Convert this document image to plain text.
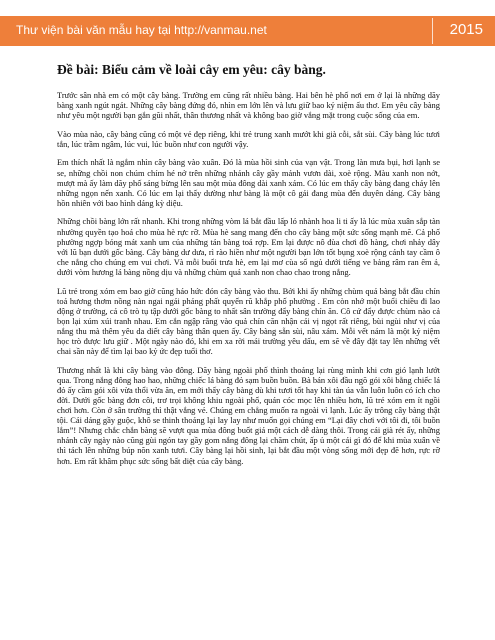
Thư viện bài văn mẫu hay tại http://vanmau.net	2015
Đề bài: Biểu cảm về loài cây em yêu: cây bàng.

Trước sân nhà em có một cây bàng. Trường em cũng rất nhiều bàng. Hai bên hè phố nơi em ở lại là những dãy bàng xanh ngút ngát. Những cây bàng đứng đó, nhìn em lớn lên và lưu giữ bao kỷ niệm ấu thơ. Em yêu cây bàng như yêu một người bạn gắn gũi nhất, thân thương nhất và không bao giờ vắng mặt trong cuộc sống của em.

Vào mùa nào, cây bàng cũng có một vẻ đẹp riêng, khi trẻ trung xanh mướt khi già cỗi, sắt sùi. Cây bàng lúc tươi tắn, lúc trầm ngâm, lúc vui, lúc buồn như con người vậy.

Em thích nhất là ngắm nhìn cây bàng vào xuân. Đó là mùa hồi sinh của vạn vật. Trong làn mưa bụi, hơi lạnh se se, những chồi non chúm chím hé nở trên những nhánh cây gầy mảnh vươn dài, xoè rộng. Màu xanh non nớt, mượt mà ấy làm dãy phố sáng bừng lên sau một mùa đông dài xanh xám. Có lúc em thấy cây bàng đang cháy lên những ngọn nến xanh. Có lúc em lại thấy dường như bàng là một cô gái đang mùa đến duyên dáng. Cây bàng hồn nhiên với bao hình dáng kỳ diệu.

Những chồi bàng lớn rất nhanh. Khi trong những vòm lá bắt đầu lấp ló nhành hoa li ti ấy là lúc mùa xuân sắp tàn nhường quyền tạo hoá cho mùa hè rực rỡ. Mùa hè sang mang đến cho cây bàng một sức sống mạnh mẽ. Cả phố phường ngợp bóng mát xanh um của những tán bàng toả rợp. Em lại được nô đùa chơi đồ hàng, chơi nhảy dây với lũ bạn dưới gốc bàng. Cây bàng dư dưa, rì rào hiền như một người bạn lớn tốt bụng xoè rộng cánh tay cầm ô che nắng cho chúng em vui chơi. Và mỗi buổi trưa hè, em lại mơ cùa số ngủ dưới tiếng ve bảng râm ran êm ả, dưới vòm hương lá bàng nồng dịu và những chùm quả xanh non chao chao trong nắng.

Lũ trẻ trong xóm em bao giờ cũng háo hức đón cây bàng vào thu. Bởi khi ấy những chùm quả bàng bắt đầu chín toả hương thơm nồng nàn ngai ngái phảng phất quyến rũ khắp phố phường . Em còn nhớ một buổi chiều đi lao động ở trường, cả cô trò tụ tập dưới gốc bàng to nhất sân trường đẩy bàng chín ăn. Cô cứ đẩy được chùm nào cả bọn lại xúm xúi tranh nhau. Em cắn ngập răng vào quả chín căn nhận cái vị ngọt rất riêng, bùi ngùi như vị của nắng thu mà thêm yêu da diết cây bàng thân quen ấy. Cây bàng sẵn sùi, nâu xám. Mỗi vết nám là một kỷ niệm học trò được lưu giữ . Một ngày nào đó, khi em xa rời mái trường yêu dấu, em sẽ về đây đặt tay lên những vết chai sần này để tìm lại bao kỷ ức đẹp tuổi thơ.

Thương nhất là khi cây bàng vào đông. Dãy bàng ngoài phố thình thoảng lại rùng mình khi cơn gió lạnh lướt qua. Trong nắng đông hao hao, những chiếc lá bàng đỏ sạm buồn buồn. Bà bán xôi đầu ngõ gói xôi bằng chiếc lá đỏ ấy cầm gói xôi vừa thổi vừa ăn, em mới thấy cây bàng dù khi tươi tốt hay khi tàn úa vẫn luôn luôn có ích cho đời. Dưới gốc bàng đơn côi, trơ trọi không khiu ngoài phố, quán cóc mọc lên nhiều hơn, lũ trẻ xóm em ít ngồi chơi hơn. Còn ở sân trường thì thật vắng vẻ. Chúng em chẳng muốn ra ngoài vì lạnh. Lúc ấy trông cây bàng thật tội. Cái dáng gầy guộc, khô se thinh thoảng lại lay lay như muốn gọi chúng em “Lại đây chơi với tôi đi, tôi buồn lắm”! Nhưng chắc chắn bàng sẽ vượt qua mùa đông buốt giá một cách dễ dàng thôi. Trong cái già rét ấy, những nhánh cây ngày nào cũng gùi ngón tay gầy gom nắng đông lại chăm chút, ấp ủ một cái gì đó để khi mùa xuân về thì tách lên những búp nõn xanh tươi. Cây bàng lại hồi sinh, lại bắt đầu một vòng sống mới đẹp đẽ hơn, rực rỡ hơn. Em rất khâm phục sức sống bất diệt của cây bàng.
